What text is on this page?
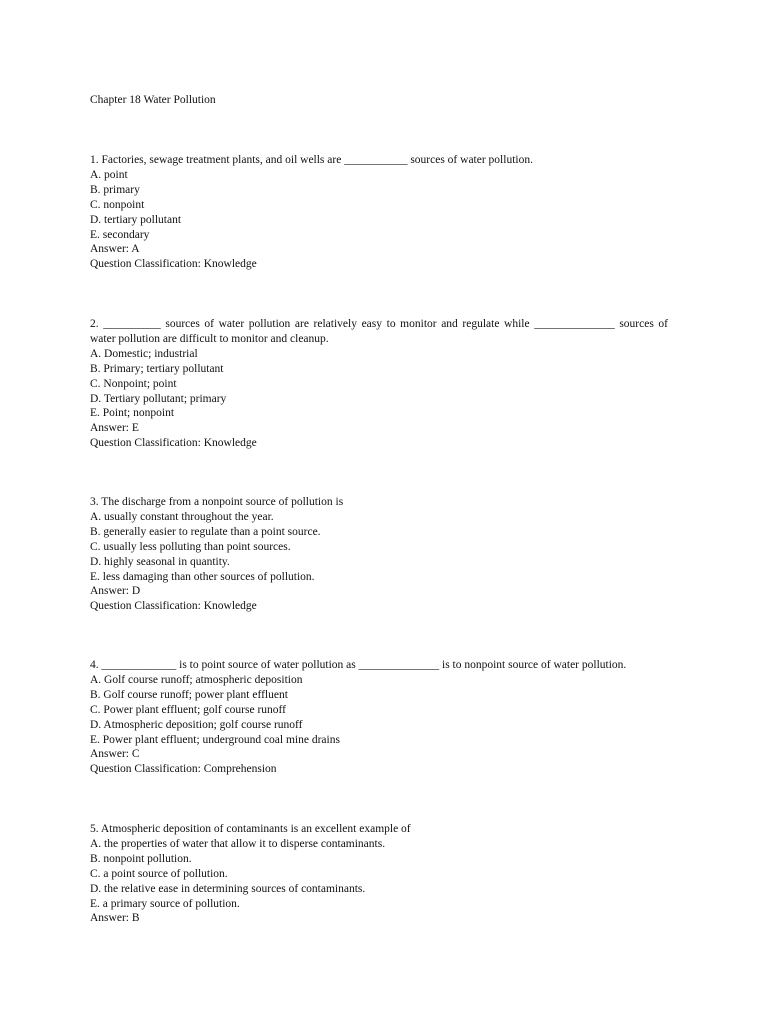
Chapter 18 Water Pollution
1. Factories, sewage treatment plants, and oil wells are ___________ sources of water pollution.
A. point
B. primary
C. nonpoint
D. tertiary pollutant
E. secondary
Answer: A
Question Classification: Knowledge
2. __________ sources of water pollution are relatively easy to monitor and regulate while ______________ sources of water pollution are difficult to monitor and cleanup.
A. Domestic; industrial
B. Primary; tertiary pollutant
C. Nonpoint; point
D. Tertiary pollutant; primary
E. Point; nonpoint
Answer: E
Question Classification: Knowledge
3. The discharge from a nonpoint source of pollution is
A. usually constant throughout the year.
B. generally easier to regulate than a point source.
C. usually less polluting than point sources.
D. highly seasonal in quantity.
E. less damaging than other sources of pollution.
Answer: D
Question Classification: Knowledge
4. _____________ is to point source of water pollution as ______________ is to nonpoint source of water pollution.
A. Golf course runoff; atmospheric deposition
B. Golf course runoff; power plant effluent
C. Power plant effluent; golf course runoff
D. Atmospheric deposition; golf course runoff
E. Power plant effluent; underground coal mine drains
Answer: C
Question Classification: Comprehension
5. Atmospheric deposition of contaminants is an excellent example of
A. the properties of water that allow it to disperse contaminants.
B. nonpoint pollution.
C. a point source of pollution.
D. the relative ease in determining sources of contaminants.
E. a primary source of pollution.
Answer: B
